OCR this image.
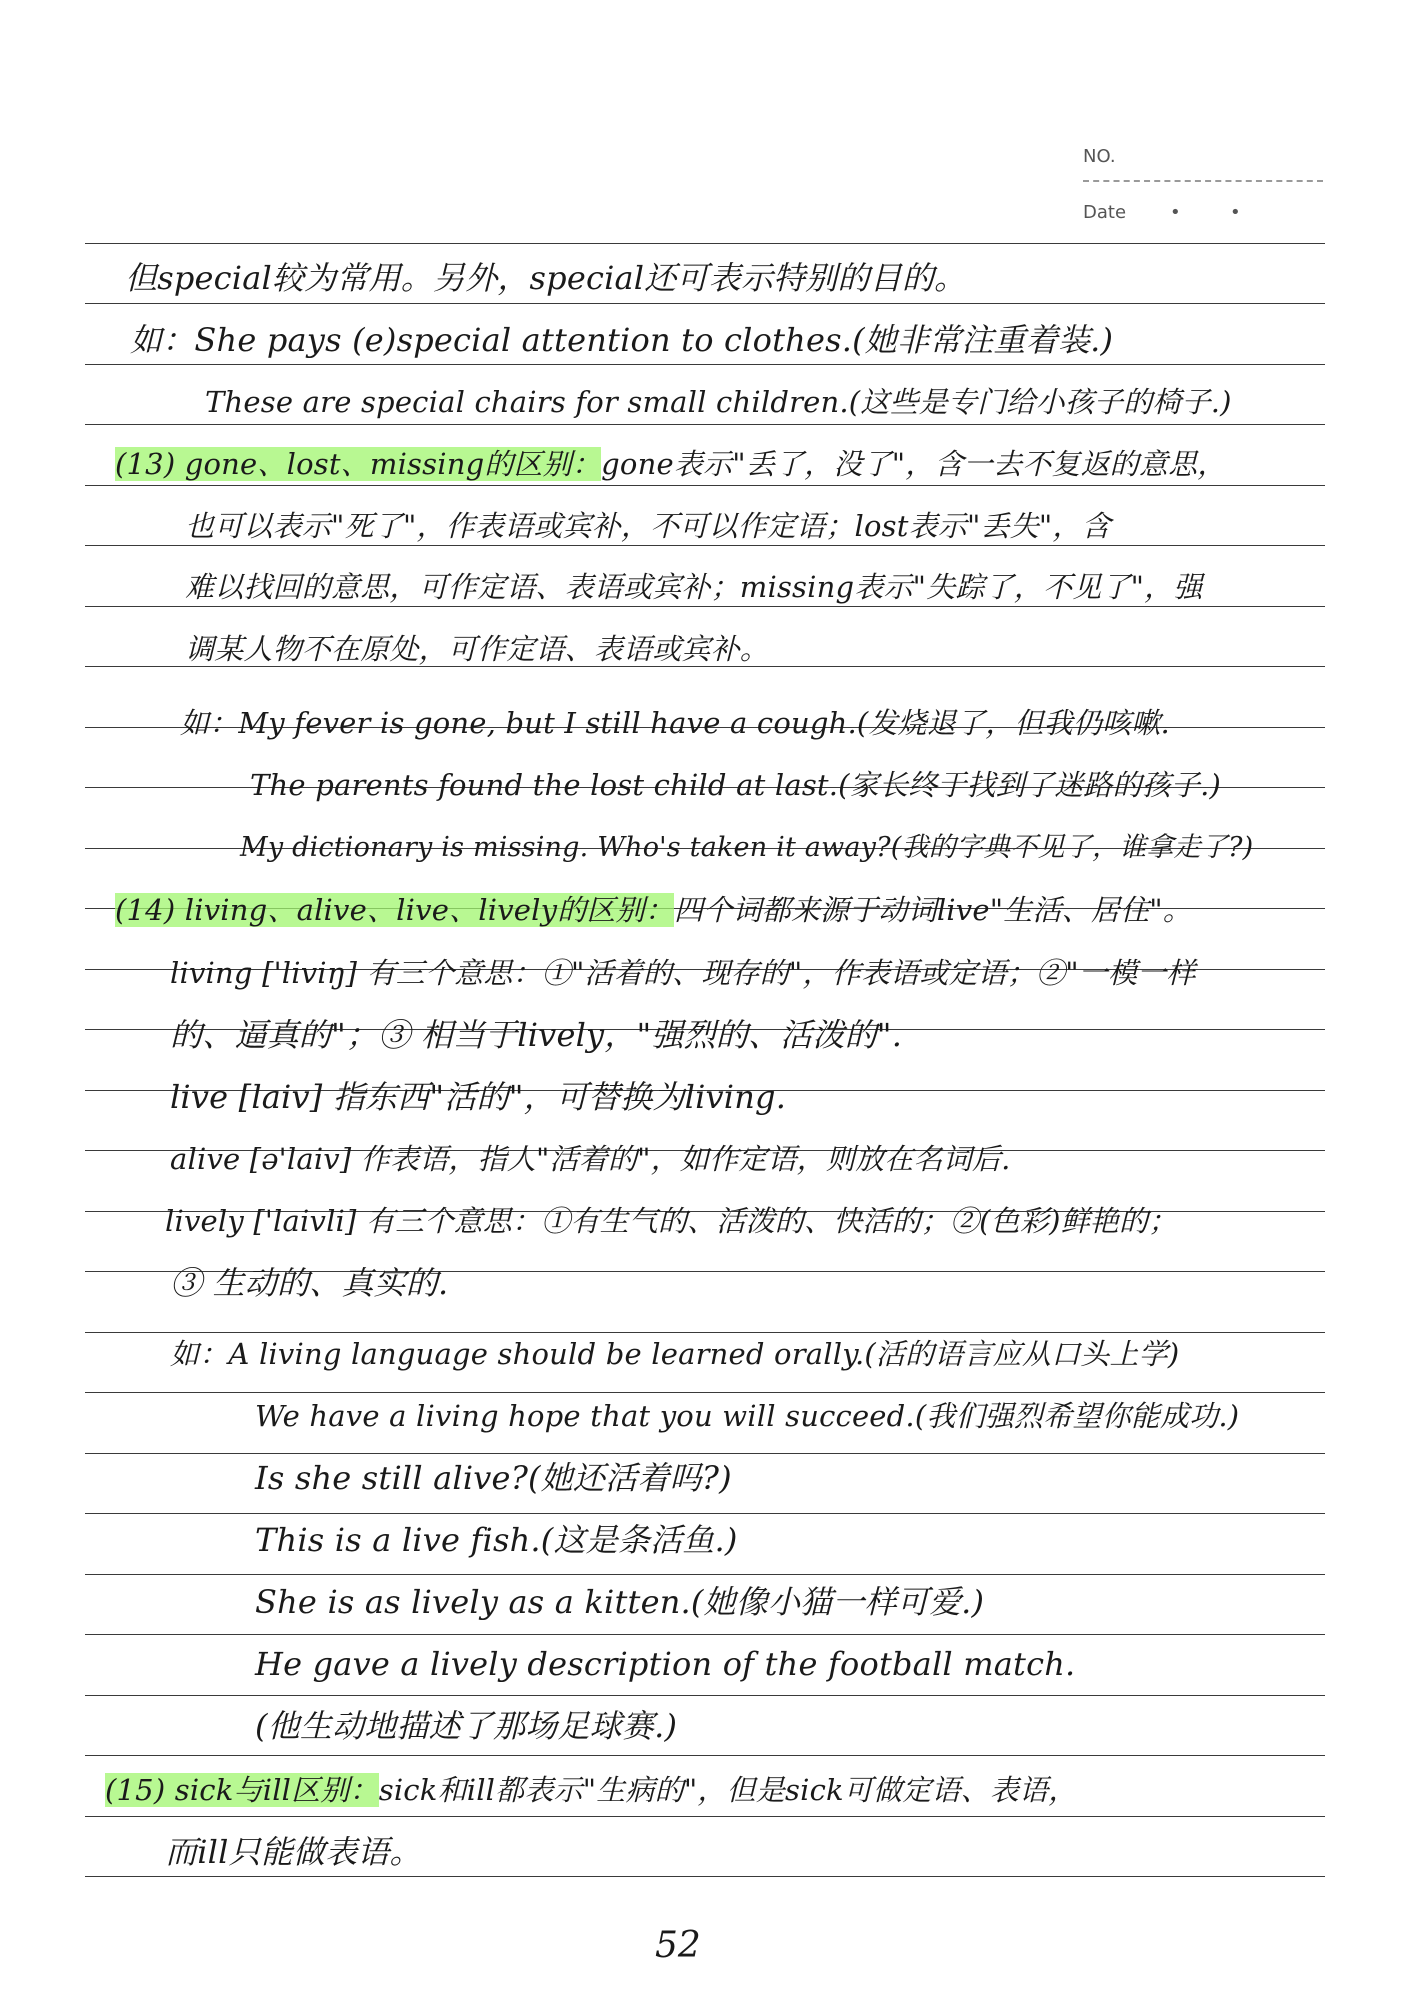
NO.
Date •	•
但special较为常用。另外，special还可表示特别的目的。
如：She pays (e)special attention to clothes.(她非常注重着装.)
These are special chairs for small children.(这些是专门给小孩子的椅子.)
(13) gone、lost、missing的区别：gone表示"丢了，没了"，含一去不复返的意思，
也可以表示"死了"，作表语或宾补，不可以作定语；lost表示"丢失"，含
难以找回的意思，可作定语、表语或宾补；missing表示"失踪了，不见了"，强
调某人物不在原处，可作定语、表语或宾补。
如：My fever is gone, but I still have a cough.(发烧退了，但我仍咳嗽.
The parents found the lost child at last.(家长终于找到了迷路的孩子.)
My dictionary is missing. Who's taken it away?(我的字典不见了，谁拿走了?)
(14) living、alive、live、lively的区别：四个词都来源于动词live"生活、居住"。
living ['liviŋ] 有三个意思：①"活着的、现存的"，作表语或定语；②"一模一样
的、逼真的"；③ 相当于lively，"强烈的、活泼的".
live [laiv] 指东西"活的"，可替换为living.
alive [ə'laiv] 作表语，指人"活着的"，如作定语，则放在名词后.
lively ['laivli] 有三个意思：①有生气的、活泼的、快活的；②(色彩)鲜艳的；
③ 生动的、真实的.
如：A living language should be learned orally.(活的语言应从口头上学)
We have a living hope that you will succeed.(我们强烈希望你能成功.)
Is she still alive?(她还活着吗?)
This is a live fish.(这是条活鱼.)
She is as lively as a kitten.(她像小猫一样可爱.)
He gave a lively description of the football match.
(他生动地描述了那场足球赛.)
(15) sick与ill区别：sick和ill都表示"生病的"，但是sick可做定语、表语，
而ill只能做表语。
52
